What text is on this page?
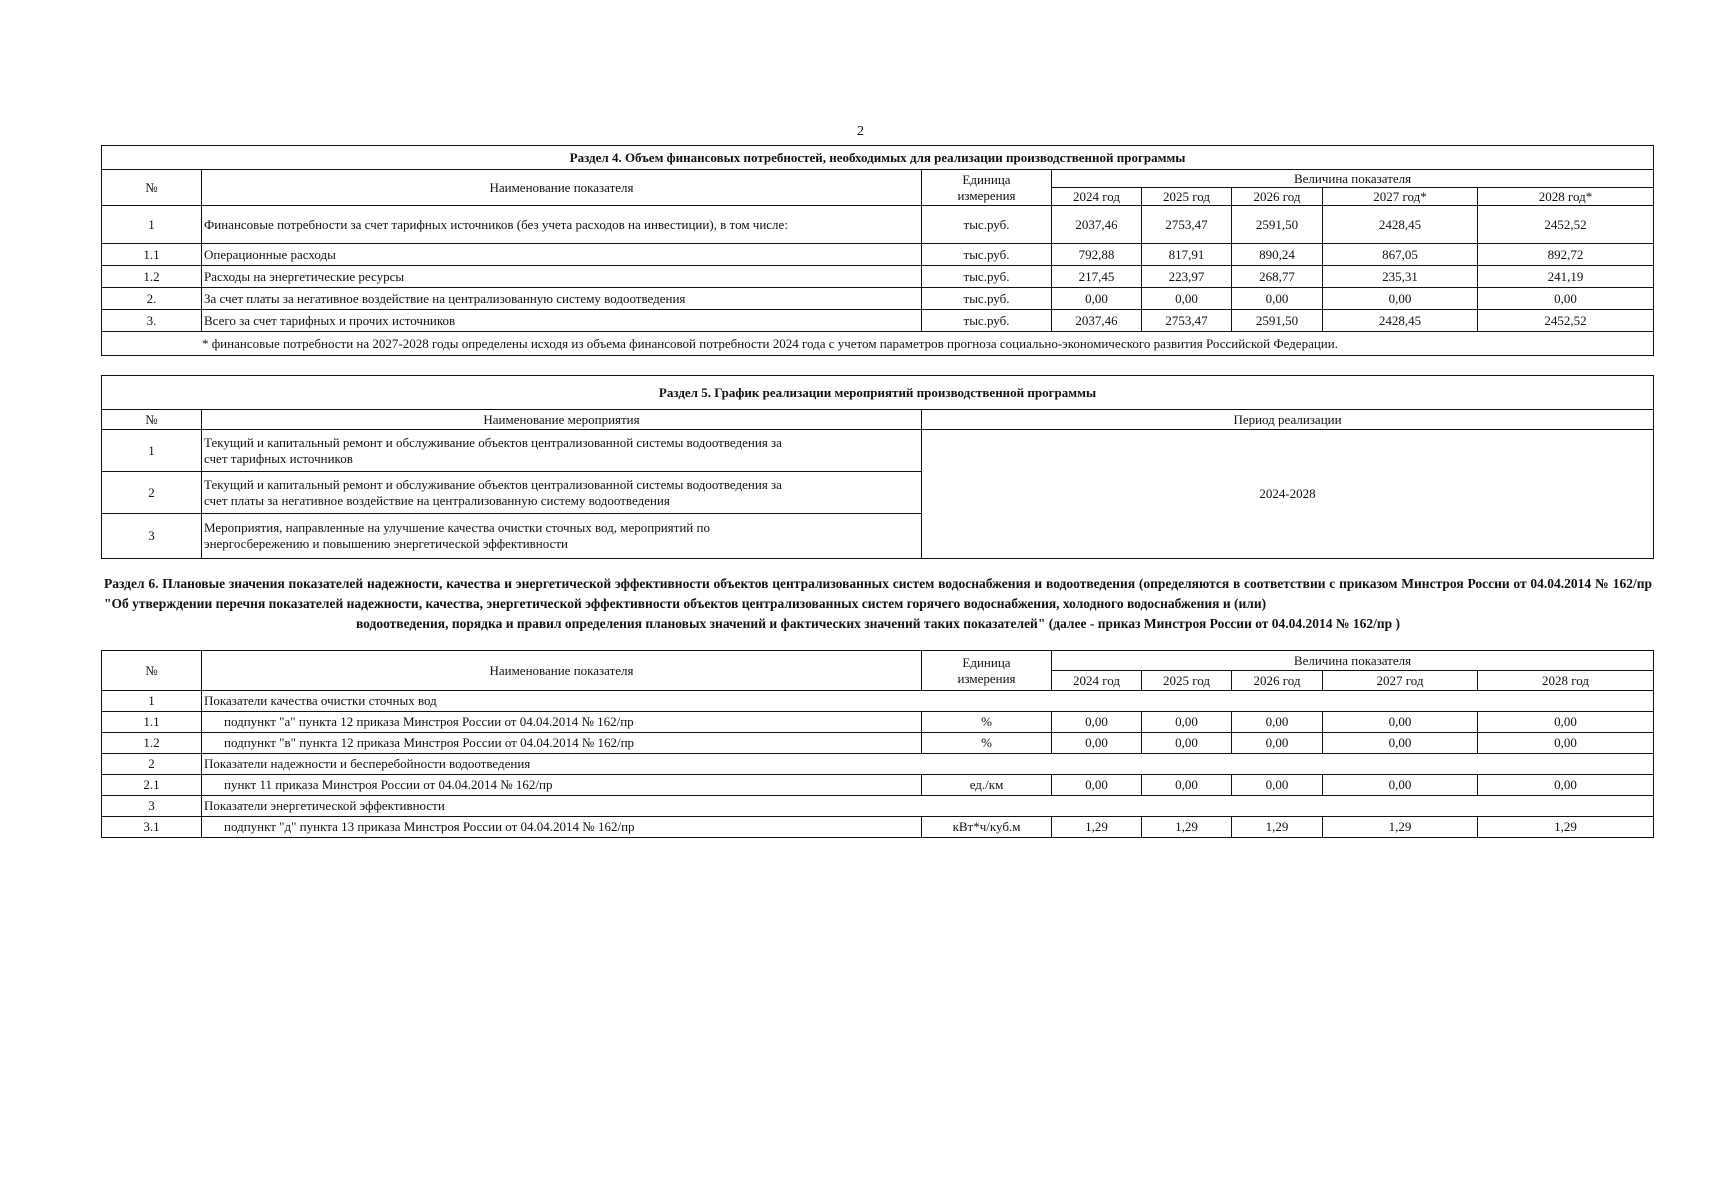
2
Раздел 4. Объем финансовых потребностей, необходимых для реализации производственной программы							
№	Наименование показателя	Единица
измерения	Величина показателя				
			2024 год	2025 год	2026 год	2027 год*	2028 год*
1	Финансовые потребности за счет тарифных источников (без учета расходов на инвестиции), в том числе:	тыс.руб.	2037,46	2753,47	2591,50	2428,45	2452,52
1.1	Операционные расходы	тыс.руб.	792,88	817,91	890,24	867,05	892,72
1.2	Расходы на энергетические ресурсы	тыс.руб.	217,45	223,97	268,77	235,31	241,19
2.	За счет платы за негативное воздействие на централизованную систему водоотведения	тыс.руб.	0,00	0,00	0,00	0,00	0,00
3.	Всего за счет тарифных и прочих источников	тыс.руб.	2037,46	2753,47	2591,50	2428,45	2452,52
* финансовые потребности на 2027-2028 годы определены исходя из объема финансовой потребности 2024 года с учетом параметров прогноза социально-экономического развития Российской Федерации.							
Раздел 5. График реализации мероприятий производственной программы		
№	Наименование мероприятия	Период реализации
1	Текущий и капитальный ремонт и обслуживание объектов централизованной системы водоотведения за
счет тарифных источников	2024-2028
2	Текущий и капитальный ремонт и обслуживание объектов централизованной системы водоотведения за
счет платы за негативное воздействие на централизованную систему водоотведения	

3	Мероприятия, направленные на улучшение качества очистки сточных вод, мероприятий по
энергосбережению и повышению энергетической эффективности	
Раздел 6. Плановые значения показателей надежности, качества и энергетической эффективности объектов централизованных систем водоснабжения и водоотведения (определяются в соответствии с приказом Минстроя России от 04.04.2014 № 162/пр "Об утверждении перечня показателей надежности, качества, энергетической эффективности объектов централизованных систем горячего водоснабжения, холодного водоснабжения и (или)
водоотведения, порядка и правил определения плановых значений и фактических значений таких показателей" (далее - приказ Минстроя России от 04.04.2014 № 162/пр )
№	Наименование показателя	Единица
измерения	Величина показателя				
			2024 год	2025 год	2026 год	2027 год	2028 год
1	Показатели качества очистки сточных вод						
1.1	подпункт "а" пункта 12 приказа Минстроя России от 04.04.2014 № 162/пр	%	0,00	0,00	0,00	0,00	0,00
1.2	подпункт "в" пункта 12 приказа Минстроя России от 04.04.2014 № 162/пр	%	0,00	0,00	0,00	0,00	0,00
2	Показатели надежности и бесперебойности водоотведения						
2.1	пункт 11 приказа Минстроя России от 04.04.2014 № 162/пр	ед./км	0,00	0,00	0,00	0,00	0,00
3	Показатели энергетической эффективности						
3.1	подпункт "д" пункта 13 приказа Минстроя России от 04.04.2014 № 162/пр	кВт*ч/куб.м	1,29	1,29	1,29	1,29	1,29
